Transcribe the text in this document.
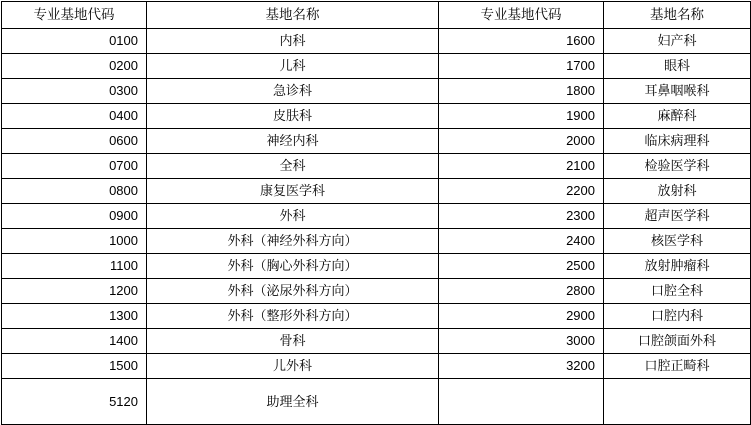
专业基地代码	基地名称	专业基地代码	基地名称
0100	内科	1600	妇产科
0200	儿科	1700	眼科
0300	急诊科	1800	耳鼻咽喉科
0400	皮肤科	1900	麻醉科
0600	神经内科	2000	临床病理科
0700	全科	2100	检验医学科
0800	康复医学科	2200	放射科
0900	外科	2300	超声医学科
1000	外科（神经外科方向）	2400	核医学科
1100	外科（胸心外科方向）	2500	放射肿瘤科
1200	外科（泌尿外科方向）	2800	口腔全科
1300	外科（整形外科方向）	2900	口腔内科
1400	骨科	3000	口腔颌面外科
1500	儿外科	3200	口腔正畸科
5120	助理全科		
